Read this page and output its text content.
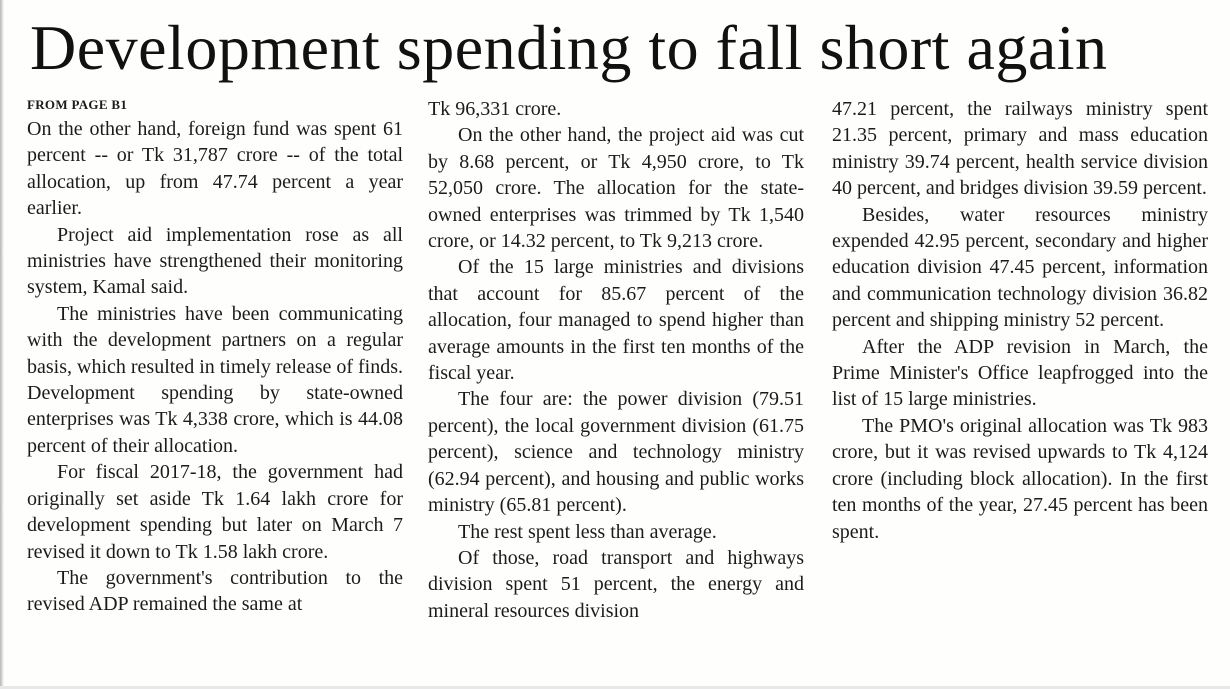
Development spending to fall short again
FROM PAGE B1

On the other hand, foreign fund was spent 61 percent -- or Tk 31,787 crore -- of the total allocation, up from 47.74 percent a year earlier.

Project aid implementation rose as all ministries have strengthened their monitoring system, Kamal said.

The ministries have been communicating with the development partners on a regular basis, which resulted in timely release of finds. Development spending by state-owned enterprises was Tk 4,338 crore, which is 44.08 percent of their allocation.

For fiscal 2017-18, the government had originally set aside Tk 1.64 lakh crore for development spending but later on March 7 revised it down to Tk 1.58 lakh crore.

The government's contribution to the revised ADP remained the same at

Tk 96,331 crore.

On the other hand, the project aid was cut by 8.68 percent, or Tk 4,950 crore, to Tk 52,050 crore. The allocation for the state-owned enterprises was trimmed by Tk 1,540 crore, or 14.32 percent, to Tk 9,213 crore.

Of the 15 large ministries and divisions that account for 85.67 percent of the allocation, four managed to spend higher than average amounts in the first ten months of the fiscal year.

The four are: the power division (79.51 percent), the local government division (61.75 percent), science and technology ministry (62.94 percent), and housing and public works ministry (65.81 percent).

The rest spent less than average.

Of those, road transport and highways division spent 51 percent, the energy and mineral resources division

47.21 percent, the railways ministry spent 21.35 percent, primary and mass education ministry 39.74 percent, health service division 40 percent, and bridges division 39.59 percent.

Besides, water resources ministry expended 42.95 percent, secondary and higher education division 47.45 percent, information and communication technology division 36.82 percent and shipping ministry 52 percent.

After the ADP revision in March, the Prime Minister's Office leapfrogged into the list of 15 large ministries.

The PMO's original allocation was Tk 983 crore, but it was revised upwards to Tk 4,124 crore (including block allocation). In the first ten months of the year, 27.45 percent has been spent.
